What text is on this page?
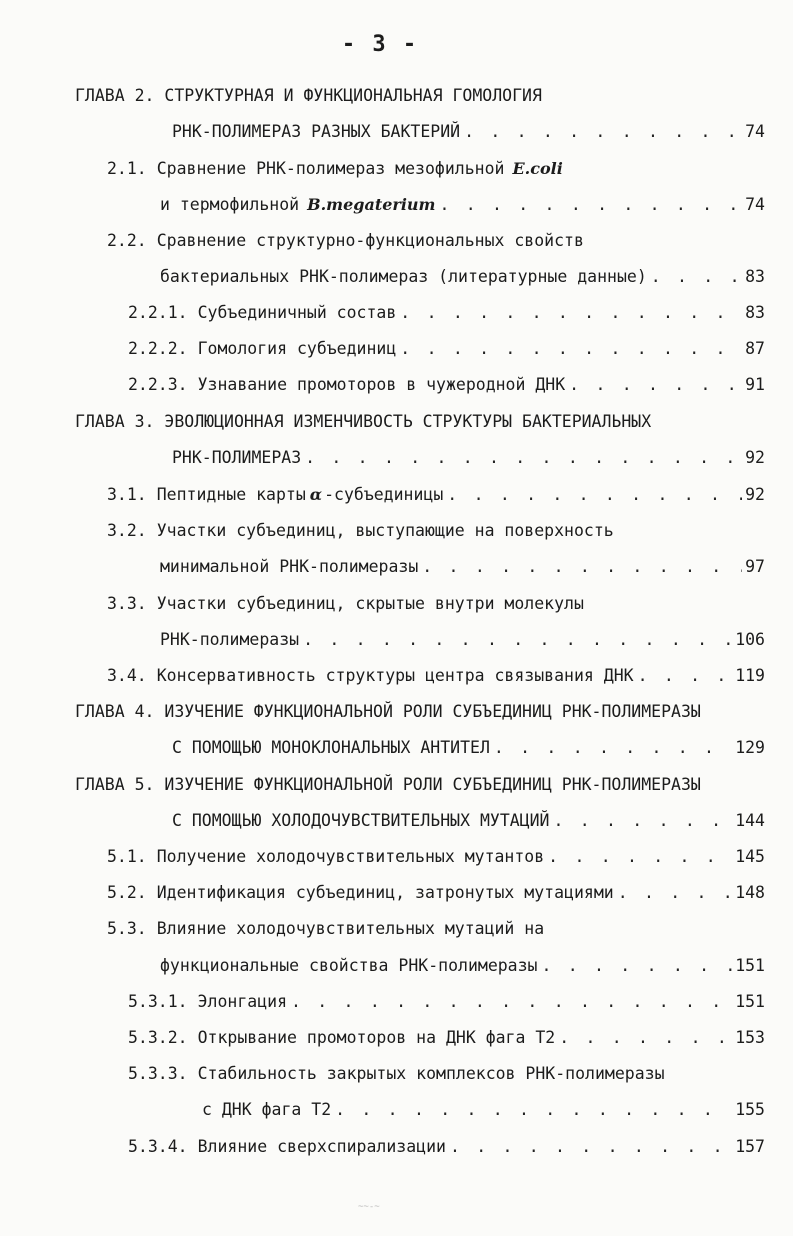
- 3 -
ГЛАВА 2. СТРУКТУРНАЯ И ФУНКЦИОНАЛЬНАЯ ГОМОЛОГИЯ
РНК-ПОЛИМЕРАЗ РАЗНЫХ БАКТЕРИЙ . . .	74
2.1. Сравнение РНК-полимераз мезофильной E.coli
и термофильной B.megaterium . . .	74
2.2. Сравнение структурно-функциональных свойств
бактериальных РНК-полимераз (литературные данные) . . .	83
2.2.1. Субъединичный состав . . .	83
2.2.2. Гомология субъединиц . . .	87
2.2.3. Узнавание промоторов в чужеродной ДНК . . .	91
ГЛАВА 3. ЭВОЛЮЦИОННАЯ ИЗМЕНЧИВОСТЬ СТРУКТУРЫ БАКТЕРИАЛЬНЫХ
РНК-ПОЛИМЕРАЗ . . .	92
3.1. Пептидные карты α -субъединицы . . .	92
3.2. Участки субъединиц, выступающие на поверхность
минимальной РНК-полимеразы . . .	97
3.3. Участки субъединиц, скрытые внутри молекулы
РНК-полимеразы . . .	106
3.4. Консервативность структуры центра связывания ДНК . . .	119
ГЛАВА 4. ИЗУЧЕНИЕ ФУНКЦИОНАЛЬНОЙ РОЛИ СУБЪЕДИНИЦ РНК-ПОЛИМЕРАЗЫ
С ПОМОЩЬЮ МОНОКЛОНАЛЬНЫХ АНТИТЕЛ . . .	129
ГЛАВА 5. ИЗУЧЕНИЕ ФУНКЦИОНАЛЬНОЙ РОЛИ СУБЪЕДИНИЦ РНК-ПОЛИМЕРАЗЫ
С ПОМОЩЬЮ ХОЛОДОЧУВСТВИТЕЛЬНЫХ МУТАЦИЙ . . .	144
5.1. Получение холодочувствительных мутантов . . .	145
5.2. Идентификация субъединиц, затронутых мутациями . . .	148
5.3. Влияние холодочувствительных мутаций на
функциональные свойства РНК-полимеразы . . .	151
5.3.1. Элонгация . . .	151
5.3.2. Открывание промоторов на ДНК фага Т2 . . .	153
5.3.3. Стабильность закрытых комплексов РНК-полимеразы
с ДНК фага Т2 . . .	155
5.3.4. Влияние сверхспирализации . . .	157
~~-~
